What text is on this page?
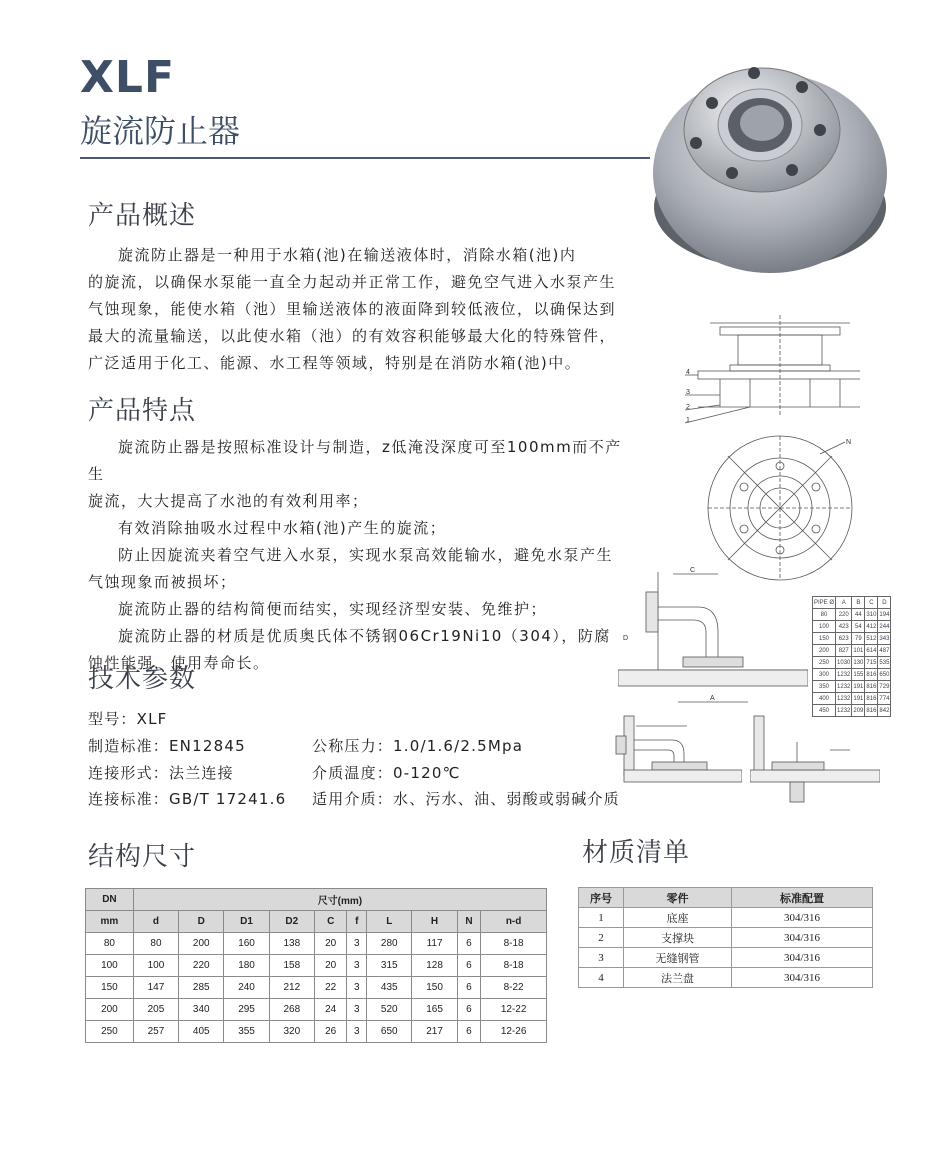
XLF
旋流防止器
产品概述

旋流防止器是一种用于水箱(池)在输送液体时，消除水箱(池)内

的旋流，以确保水泵能一直全力起动并正常工作，避免空气进入水泵产生

气蚀现象，能使水箱（池）里输送液体的液面降到较低液位，以确保达到

最大的流量输送，以此使水箱（池）的有效容积能够最大化的特殊管件，

广泛适用于化工、能源、水工程等领域，特别是在消防水箱(池)中。

产品特点

旋流防止器是按照标准设计与制造，z低淹没深度可至100mm而不产生

旋流，大大提高了水池的有效利用率；

有效消除抽吸水过程中水箱(池)产生的旋流；

防止因旋流夹着空气进入水泵，实现水泵高效能输水，避免水泵产生

气蚀现象而被损坏；

旋流防止器的结构简便而结实，实现经济型安装、免维护；

旋流防止器的材质是优质奥氏体不锈钢06Cr19Ni10（304），防腐

蚀性能强，使用寿命长。

技术参数
型号：XLF
制造标准：EN12845	公称压力：1.0/1.6/2.5Mpa
连接形式：法兰连接	介质温度：0-120℃
连接标准：GB/T 17241.6 适用介质：水、污水、油、弱酸或弱碱介质
4
3
2
1
N
C
A
D
PIPE Ø	A	B	C	D
80	220	44	310	194
100	423	54	412	244
150	623	79	512	343
200	827	101	614	487
250	1030	130	715	535
300	1232	155	816	650
350	1232	191	816	729
400	1232	191	816	774
450	1232	209	816	842
结构尺寸
DN	尺寸(mm)									
mm	d	D	D1	D2	C	f	L	H	N	n-d
80	80	200	160	138	20	3	280	117	6	8-18
100	100	220	180	158	20	3	315	128	6	8-18
150	147	285	240	212	22	3	435	150	6	8-22
200	205	340	295	268	24	3	520	165	6	12-22
250	257	405	355	320	26	3	650	217	6	12-26
材质清单
序号	零件	标准配置
1	底座	304/316
2	支撑块	304/316
3	无缝钢管	304/316
4	法兰盘	304/316
